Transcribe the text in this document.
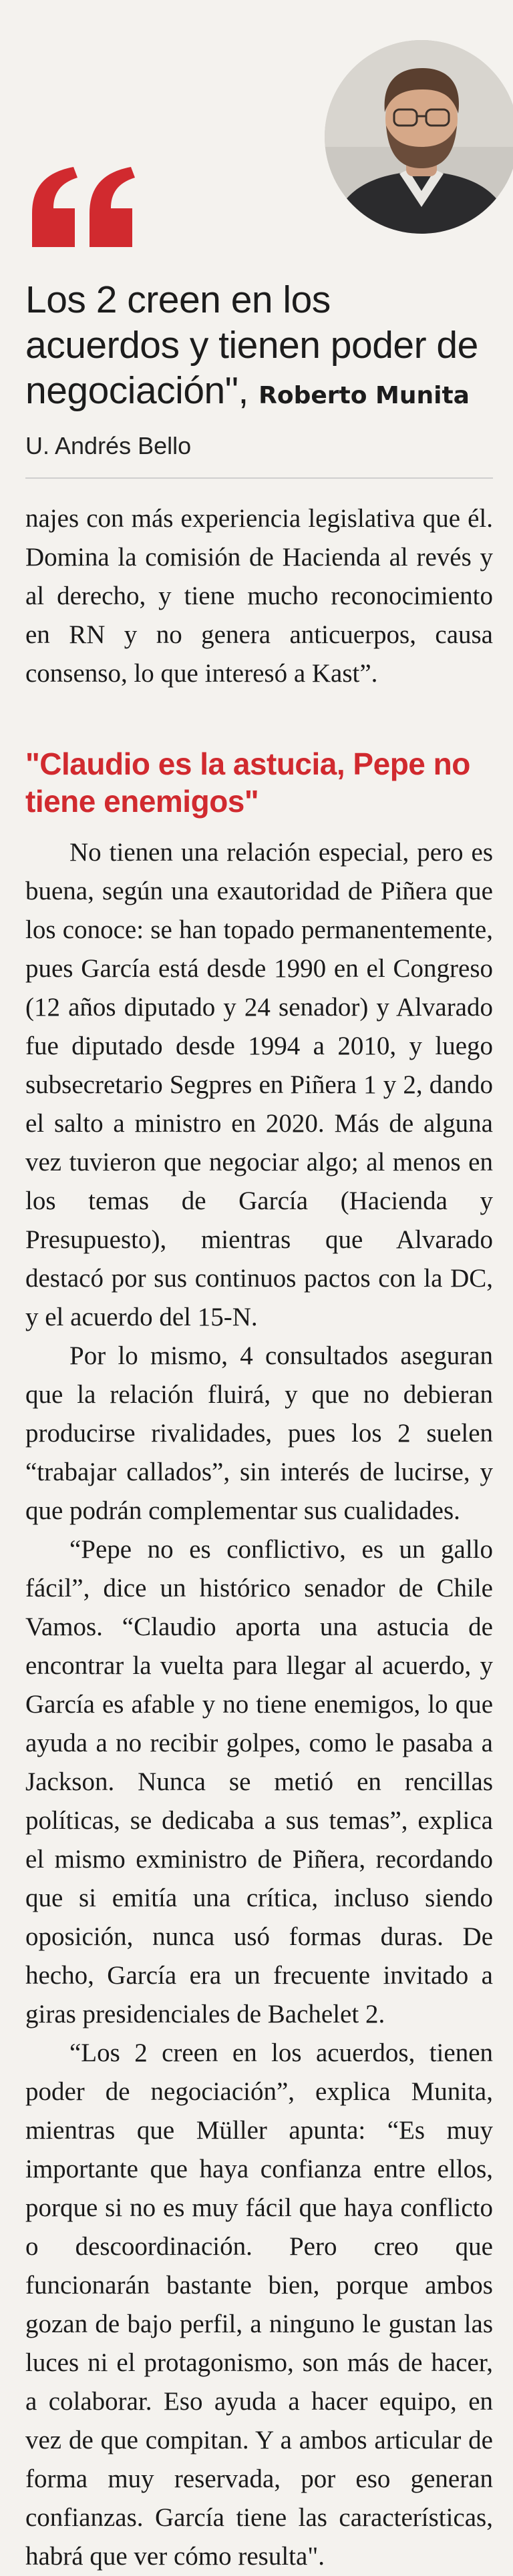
Los 2 creen en los acuerdos y tienen poder de negociación", Roberto Munita U. Andrés Bello

najes con más experiencia legislativa que él. Domina la comisión de Hacienda al revés y al derecho, y tiene mucho reconocimiento en RN y no genera anticuerpos, causa consenso, lo que interesó a Kast”.

"Claudio es la astucia, Pepe no tiene enemigos"

No tienen una relación especial, pero es buena, según una exautoridad de Piñera que los conoce: se han topado permanentemente, pues García está desde 1990 en el Congreso (12 años diputado y 24 senador) y Alvarado fue diputado desde 1994 a 2010, y luego subsecretario Segpres en Piñera 1 y 2, dando el salto a ministro en 2020. Más de alguna vez tuvieron que negociar algo; al menos en los temas de García (Hacienda y Presupuesto), mientras que Alvarado destacó por sus continuos pactos con la DC, y el acuerdo del 15-N.

Por lo mismo, 4 consultados aseguran que la relación fluirá, y que no debieran producirse rivalidades, pues los 2 suelen “trabajar callados”, sin interés de lucirse, y que podrán complementar sus cualidades.

“Pepe no es conflictivo, es un gallo fácil”, dice un histórico senador de Chile Vamos. “Claudio aporta una astucia de encontrar la vuelta para llegar al acuerdo, y García es afable y no tiene enemigos, lo que ayuda a no recibir golpes, como le pasaba a Jackson. Nunca se metió en rencillas políticas, se dedicaba a sus temas”, explica el mismo exministro de Piñera, recordando que si emitía una crítica, incluso siendo oposición, nunca usó formas duras. De hecho, García era un frecuente invitado a giras presidenciales de Bachelet 2.

“Los 2 creen en los acuerdos, tienen poder de negociación”, explica Munita, mientras que Müller apunta: “Es muy importante que haya confianza entre ellos, porque si no es muy fácil que haya conflicto o descoordinación. Pero creo que funcionarán bastante bien, porque ambos gozan de bajo perfil, a ninguno le gustan las luces ni el protagonismo, son más de hacer, a colaborar. Eso ayuda a hacer equipo, en vez de que compitan. Y a ambos articular de forma muy reservada, por eso generan confianzas. García tiene las características, habrá que ver cómo resulta".
